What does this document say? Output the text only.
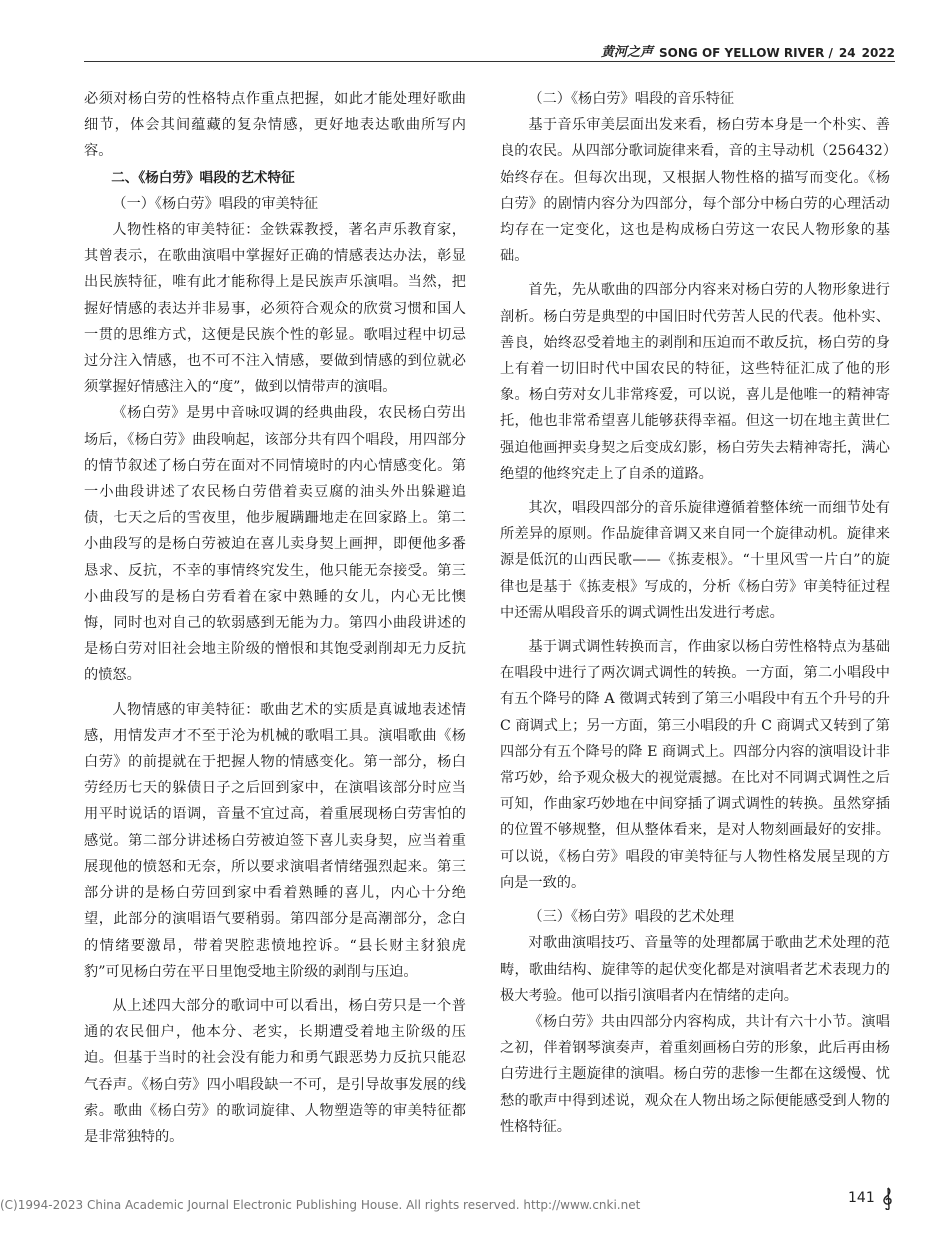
黄河之声 SONG OF YELLOW RIVER / 24 2022

必须对杨白劳的性格特点作重点把握，如此才能处理好歌曲细节，体会其间蕴藏的复杂情感，更好地表达歌曲所写内容。

二、《杨白劳》唱段的艺术特征

（一）《杨白劳》唱段的审美特征

人物性格的审美特征：金铁霖教授，著名声乐教育家，其曾表示，在歌曲演唱中掌握好正确的情感表达办法，彰显出民族特征，唯有此才能称得上是民族声乐演唱。当然，把握好情感的表达并非易事，必须符合观众的欣赏习惯和国人一贯的思维方式，这便是民族个性的彰显。歌唱过程中切忌过分注入情感，也不可不注入情感，要做到情感的到位就必须掌握好情感注入的“度”，做到以情带声的演唱。

《杨白劳》是男中音咏叹调的经典曲段，农民杨白劳出场后，《杨白劳》曲段响起，该部分共有四个唱段，用四部分的情节叙述了杨白劳在面对不同情境时的内心情感变化。第一小曲段讲述了农民杨白劳借着卖豆腐的油头外出躲避追债，七天之后的雪夜里，他步履蹒跚地走在回家路上。第二小曲段写的是杨白劳被迫在喜儿卖身契上画押，即便他多番恳求、反抗，不幸的事情终究发生，他只能无奈接受。第三小曲段写的是杨白劳看着在家中熟睡的女儿，内心无比懊悔，同时也对自己的软弱感到无能为力。第四小曲段讲述的是杨白劳对旧社会地主阶级的憎恨和其饱受剥削却无力反抗的愤怒。

人物情感的审美特征：歌曲艺术的实质是真诚地表述情感，用情发声才不至于沦为机械的歌唱工具。演唱歌曲《杨白劳》的前提就在于把握人物的情感变化。第一部分，杨白劳经历七天的躲债日子之后回到家中，在演唱该部分时应当用平时说话的语调，音量不宜过高，着重展现杨白劳害怕的感觉。第二部分讲述杨白劳被迫签下喜儿卖身契，应当着重展现他的愤怒和无奈，所以要求演唱者情绪强烈起来。第三部分讲的是杨白劳回到家中看着熟睡的喜儿，内心十分绝望，此部分的演唱语气要稍弱。第四部分是高潮部分，念白的情绪要激昂，带着哭腔悲愤地控诉。“县长财主豺狼虎豹”可见杨白劳在平日里饱受地主阶级的剥削与压迫。

从上述四大部分的歌词中可以看出，杨白劳只是一个普通的农民佃户，他本分、老实，长期遭受着地主阶级的压迫。但基于当时的社会没有能力和勇气跟恶势力反抗只能忍气吞声。《杨白劳》四小唱段缺一不可，是引导故事发展的线索。歌曲《杨白劳》的歌词旋律、人物塑造等的审美特征都是非常独特的。

（二）《杨白劳》唱段的音乐特征

基于音乐审美层面出发来看，杨白劳本身是一个朴实、善良的农民。从四部分歌词旋律来看，音的主导动机（256432）始终存在。但每次出现，又根据人物性格的描写而变化。《杨白劳》的剧情内容分为四部分，每个部分中杨白劳的心理活动均存在一定变化，这也是构成杨白劳这一农民人物形象的基础。

首先，先从歌曲的四部分内容来对杨白劳的人物形象进行剖析。杨白劳是典型的中国旧时代劳苦人民的代表。他朴实、善良，始终忍受着地主的剥削和压迫而不敢反抗，杨白劳的身上有着一切旧时代中国农民的特征，这些特征汇成了他的形象。杨白劳对女儿非常疼爱，可以说，喜儿是他唯一的精神寄托，他也非常希望喜儿能够获得幸福。但这一切在地主黄世仁强迫他画押卖身契之后变成幻影，杨白劳失去精神寄托，满心绝望的他终究走上了自杀的道路。

其次，唱段四部分的音乐旋律遵循着整体统一而细节处有所差异的原则。作品旋律音调又来自同一个旋律动机。旋律来源是低沉的山西民歌——《拣麦根》。“十里风雪一片白”的旋律也是基于《拣麦根》写成的，分析《杨白劳》审美特征过程中还需从唱段音乐的调式调性出发进行考虑。

基于调式调性转换而言，作曲家以杨白劳性格特点为基础在唱段中进行了两次调式调性的转换。一方面，第二小唱段中有五个降号的降 A 徵调式转到了第三小唱段中有五个升号的升 C 商调式上；另一方面，第三小唱段的升 C 商调式又转到了第四部分有五个降号的降 E 商调式上。四部分内容的演唱设计非常巧妙，给予观众极大的视觉震撼。在比对不同调式调性之后可知，作曲家巧妙地在中间穿插了调式调性的转换。虽然穿插的位置不够规整，但从整体看来，是对人物刻画最好的安排。可以说，《杨白劳》唱段的审美特征与人物性格发展呈现的方向是一致的。

（三）《杨白劳》唱段的艺术处理

对歌曲演唱技巧、音量等的处理都属于歌曲艺术处理的范畴，歌曲结构、旋律等的起伏变化都是对演唱者艺术表现力的极大考验。他可以指引演唱者内在情绪的走向。

《杨白劳》共由四部分内容构成，共计有六十小节。演唱之初，伴着钢琴演奏声，着重刻画杨白劳的形象，此后再由杨白劳进行主题旋律的演唱。杨白劳的悲惨一生都在这缓慢、忧愁的歌声中得到述说，观众在人物出场之际便能感受到人物的性格特征。

(C)1994-2023 China Academic Journal Electronic Publishing House. All rights reserved. http://www.cnki.net	141
